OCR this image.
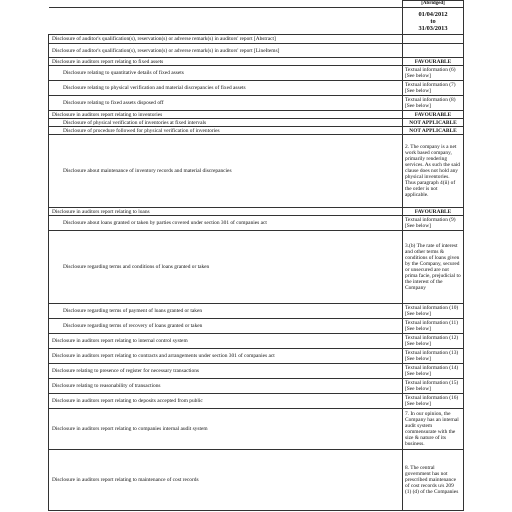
	[Abridged]

	01/04/2012
to
31/03/2013

Disclosure of auditor's qualification(s), reservation(s) or adverse remark(s) in auditors' report [Abstract]	
Disclosure of auditor's qualification(s), reservation(s) or adverse remark(s) in auditors' report [LineItems]	
Disclosure in auditors report relating to fixed assets	FAVOURABLE
Disclosure relating to quantitative details of fixed assets	Textual information (6) [See below]
Disclosure relating to physical verification and material discrepancies of fixed assets	Textual information (7) [See below]
Disclosure relating to fixed assets disposed off	Textual information (8) [See below]
Disclosure in auditors report relating to inventories	FAVOURABLE
Disclosure of physical verification of inventories at fixed intervals	NOT APPLICABLE
Disclosure of procedure followed for physical verification of inventories	NOT APPLICABLE
Disclosure about maintenance of inventory records and material discrepancies	2. The company is a net work based company, primarily rendering services. As such the said clause does not hold any physical inventories. Thus paragraph 4(ii) of the order is not applicable.
Disclosure in auditors report relating to loans	FAVOURABLE
Disclosure about loans granted or taken by parties covered under section 301 of companies act	Textual information (9) [See below]
Disclosure regarding terms and conditions of loans granted or taken	3.(b) The rate of interest and other terms & conditions of loans given by the Company, secured or unsecured are not prima facie, prejudicial to the interest of the Company
Disclosure regarding terms of payment of loans granted or taken	Textual information (10) [See below]
Disclosure regarding terms of recovery of loans granted or taken	Textual information (11) [See below]
Disclosure in auditors report relating to internal control system	Textual information (12) [See below]
Disclosure in auditors report relating to contracts and arrangements under section 301 of companies act	Textual information (13) [See below]
Disclosure relating to presence of register for necessary transactions	Textual information (14) [See below]
Disclosure relating to reasonability of transactions	Textual information (15) [See below]
Disclosure in auditors report relating to deposits accepted from public	Textual information (16) [See below]
Disclosure in auditors report relating to companies internal audit system	7. In our opinion, the Company has an internal audit system commensurate with the size & nature of its business.
Disclosure in auditors report relating to maintenance of cost records	8. The central government has not prescribed maintenance of cost records u/s 209 (1) (d) of the Companies
